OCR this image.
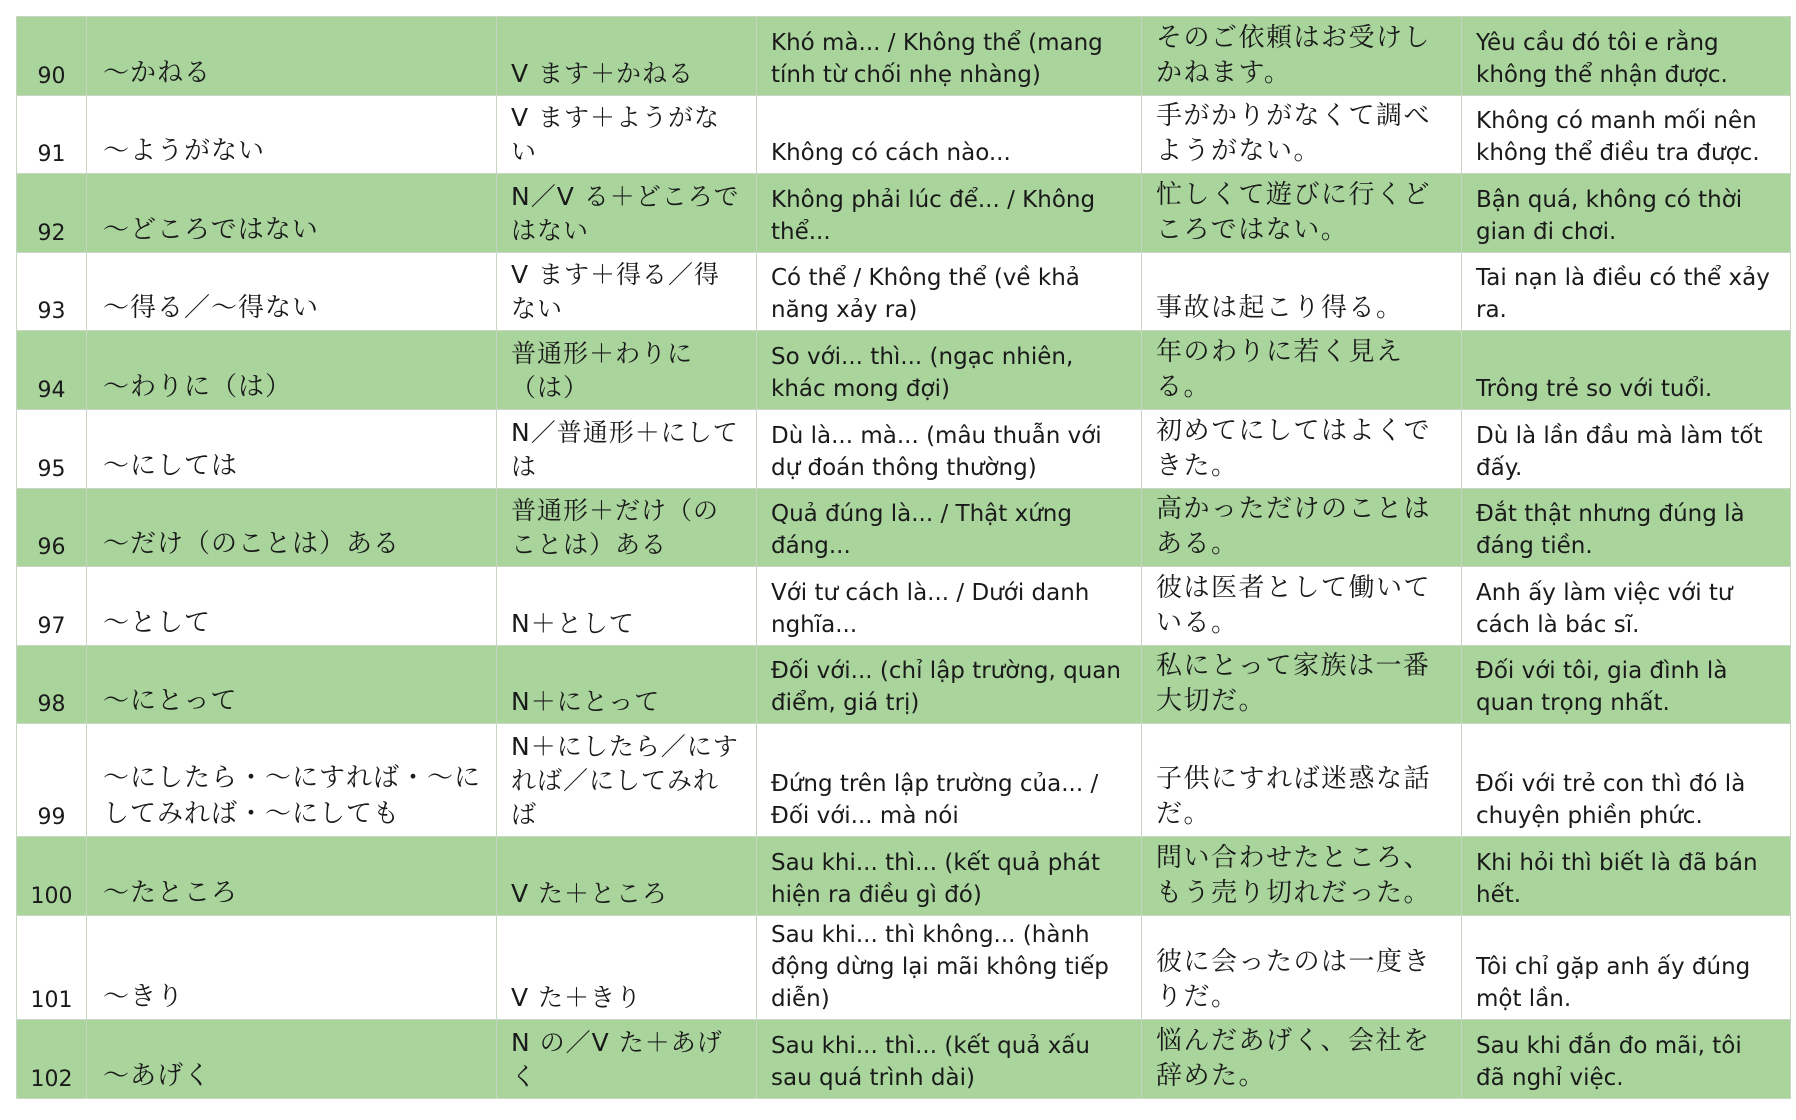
90	〜かねる	V ます＋かねる	Khó mà... / Không thể (mang tính từ chối nhẹ nhàng)	そのご依頼はお受けしかねます。	Yêu cầu đó tôi e rằng không thể nhận được.
91	〜ようがない	V ます＋ようがない	Không có cách nào...	手がかりがなくて調べようがない。	Không có manh mối nên không thể điều tra được.
92	〜どころではない	N／V る＋どころではない	Không phải lúc để... / Không thể...	忙しくて遊びに行くどころではない。	Bận quá, không có thời gian đi chơi.
93	〜得る／〜得ない	V ます＋得る／得ない	Có thể / Không thể (về khả năng xảy ra)	事故は起こり得る。	Tai nạn là điều có thể xảy ra.
94	〜わりに（は）	普通形＋わりに（は）	So với... thì... (ngạc nhiên, khác mong đợi)	年のわりに若く見える。	Trông trẻ so với tuổi.
95	〜にしては	N／普通形＋にしては	Dù là... mà... (mâu thuẫn với dự đoán thông thường)	初めてにしてはよくできた。	Dù là lần đầu mà làm tốt đấy.
96	〜だけ（のことは）ある	普通形＋だけ（のことは）ある	Quả đúng là... / Thật xứng đáng...	高かっただけのことはある。	Đắt thật nhưng đúng là đáng tiền.
97	〜として	N＋として	Với tư cách là... / Dưới danh nghĩa...	彼は医者として働いている。	Anh ấy làm việc với tư cách là bác sĩ.
98	〜にとって	N＋にとって	Đối với... (chỉ lập trường, quan điểm, giá trị)	私にとって家族は一番大切だ。	Đối với tôi, gia đình là quan trọng nhất.
99	〜にしたら・〜にすれば・〜にしてみれば・〜にしても	N＋にしたら／にすれば／にしてみれば	Đứng trên lập trường của... / Đối với... mà nói	子供にすれば迷惑な話だ。	Đối với trẻ con thì đó là chuyện phiền phức.
100	〜たところ	V た＋ところ	Sau khi... thì... (kết quả phát hiện ra điều gì đó)	問い合わせたところ、もう売り切れだった。	Khi hỏi thì biết là đã bán hết.
101	〜きり	V た＋きり	Sau khi... thì không... (hành động dừng lại mãi không tiếp diễn)	彼に会ったのは一度きりだ。	Tôi chỉ gặp anh ấy đúng một lần.
102	〜あげく	N の／V た＋あげく	Sau khi... thì... (kết quả xấu sau quá trình dài)	悩んだあげく、会社を辞めた。	Sau khi đắn đo mãi, tôi đã nghỉ việc.
